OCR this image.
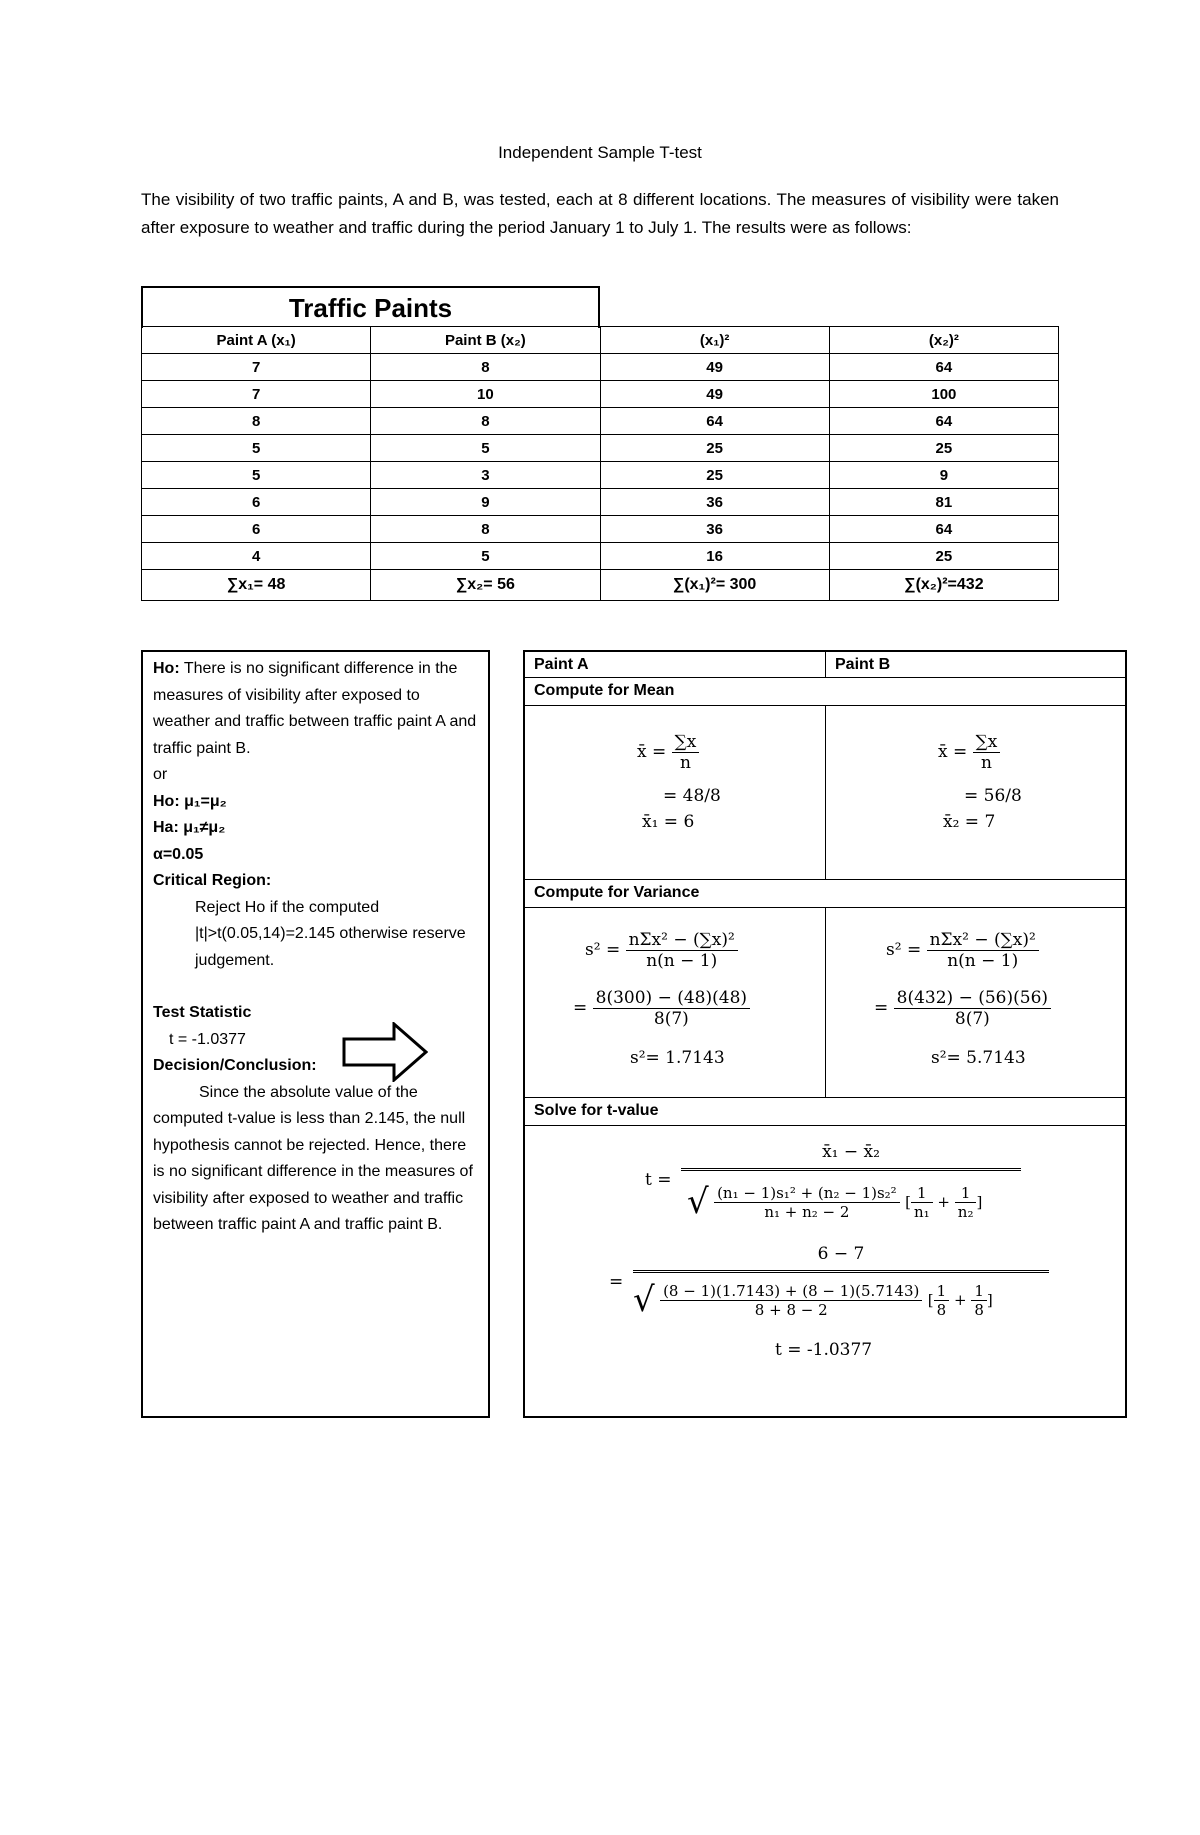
Independent Sample T-test
The visibility of two traffic paints, A and B, was tested, each at 8 different locations. The measures of visibility were taken after exposure to weather and traffic during the period January 1 to July 1. The results were as follows:
Traffic Paints
Paint A (x₁)	Paint B (x₂)	(x₁)²	(x₂)²
7	8	49	64
7	10	49	100
8	8	64	64
5	5	25	25
5	3	25	9
6	9	36	81
6	8	36	64
4	5	16	25
∑x₁= 48	∑x₂= 56	∑(x₁)²= 300	∑(x₂)²=432
Ho: There is no significant difference in the measures of visibility after exposed to weather and traffic between traffic paint A and traffic paint B.
or
Ho: μ₁=μ₂
Ha: μ₁≠μ₂
α=0.05
Critical Region:
Reject Ho if the computed |t|>t(0.05,14)=2.145 otherwise reserve judgement.
Test Statistic
t = -1.0377
Decision/Conclusion:
Since the absolute value of the computed t-value is less than 2.145, the null hypothesis cannot be rejected. Hence, there is no significant difference in the measures of visibility after exposed to weather and traffic between traffic paint A and traffic paint B.
Paint A	Paint B
Compute for Mean
x̄ = $\frac{\sum x}{n}$
= 48/8
x̄₁ = 6
x̄ = $\frac{\sum x}{n}$
= 56/8
x̄₂ = 7
Compute for Variance
$s^2 = \frac{\text{nΣx² − (∑x)²}}{n(n - 1)}$
= $\frac{8(300) - (48)(48)}{8(7)}$
s²= 1.7143
$s^2 = \frac{\text{nΣx² − (∑x)²}}{n(n - 1)}$
= $\frac{8(432) - (56)(56)}{8(7)}$
s²= 5.7143
Solve for t-value
t =
x̄₁ − x̄₂
√ $\frac{\text{(n₁ − 1)s₁² + (n₂ − 1)s₂²}}{\text{n₁ + n₂ − 2}}$ [ $\frac{1}{\text{n₁}} + \frac{1}{\text{n₂}}$ ]
=
6 − 7
√ $\frac{(8 - 1)(1.7143) + (8 - 1)(5.7143)}{8 + 8 - 2}$ [ $\frac{1}{8} + \frac{1}{8}$ ]
t = -1.0377
